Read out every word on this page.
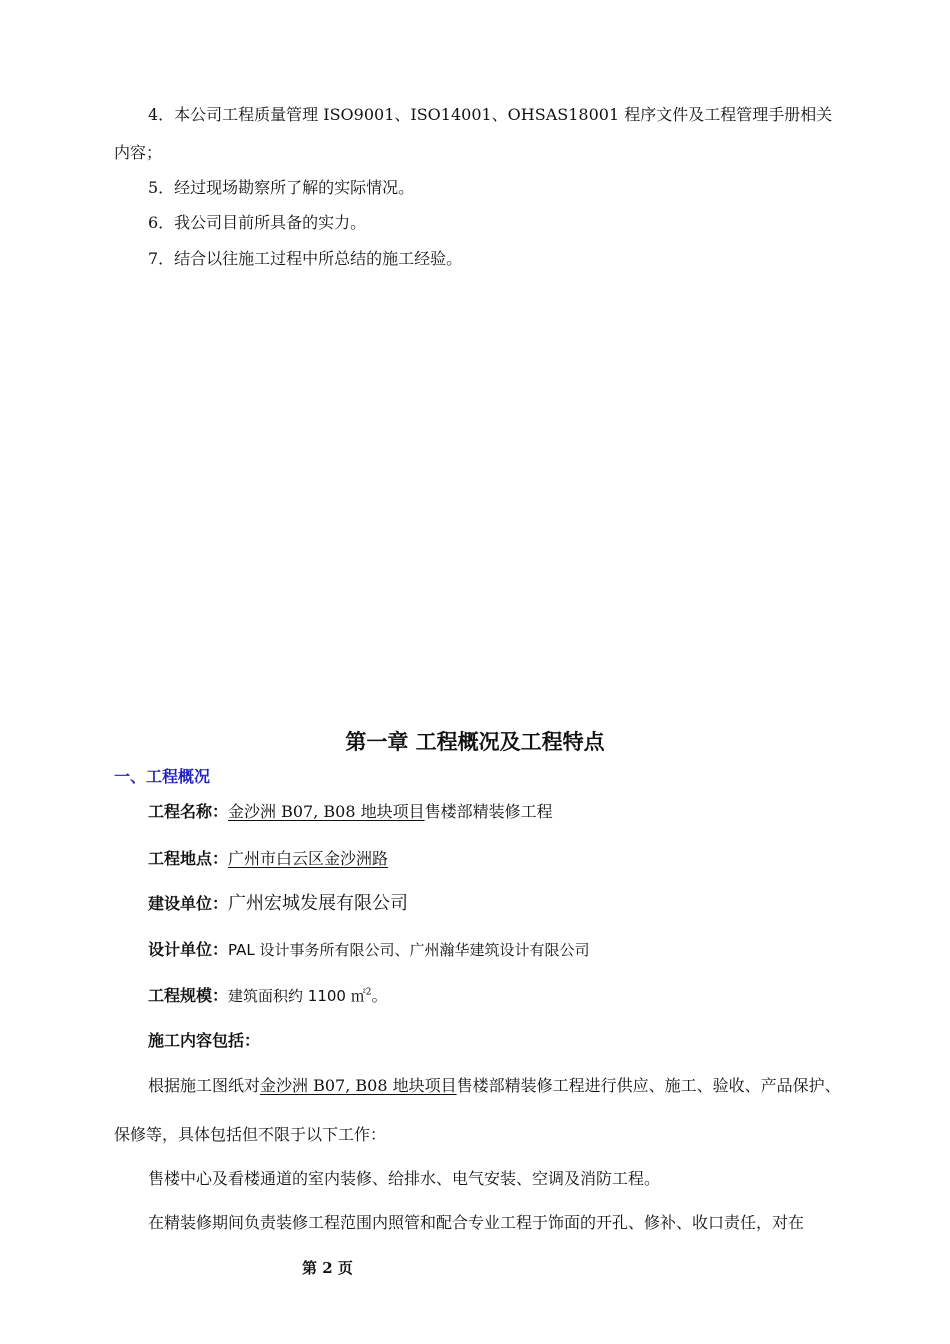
4．本公司工程质量管理 ISO9001、ISO14001、OHSAS18001 程序文件及工程管理手册相关
内容；
5．经过现场勘察所了解的实际情况。
6．我公司目前所具备的实力。
7．结合以往施工过程中所总结的施工经验。
第一章 工程概况及工程特点
一、工程概况
工程名称：金沙洲 B07, B08 地块项目售楼部精装修工程
工程地点：广州市白云区金沙洲路
建设单位：广州宏城发展有限公司
设计单位：PAL 设计事务所有限公司、广州瀚华建筑设计有限公司
工程规模：建筑面积约 1100 ㎡$^2$。
施工内容包括：
根据施工图纸对金沙洲 B07, B08 地块项目售楼部精装修工程进行供应、施工、验收、产品保护、
保修等，具体包括但不限于以下工作：
售楼中心及看楼通道的室内装修、给排水、电气安装、空调及消防工程。
在精装修期间负责装修工程范围内照管和配合专业工程于饰面的开孔、修补、收口责任，对在
第 2 页
